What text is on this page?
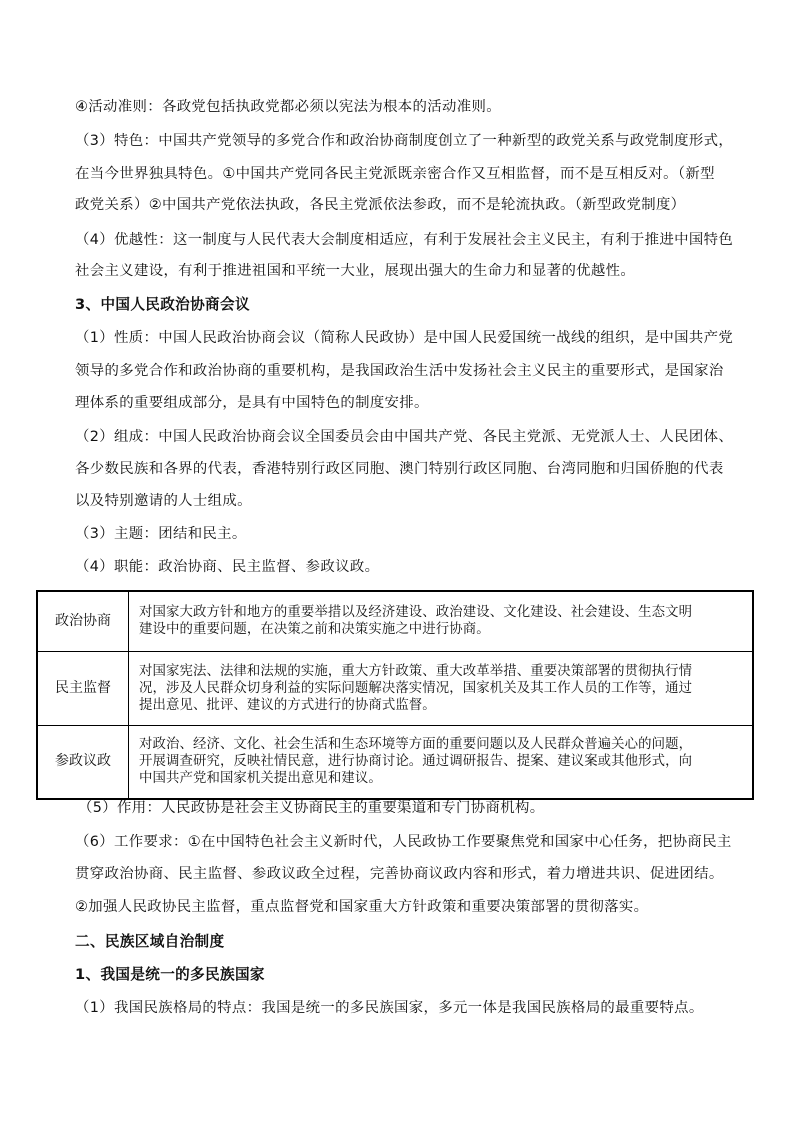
④活动准则：各政党包括执政党都必须以宪法为根本的活动准则。
（3）特色：中国共产党领导的多党合作和政治协商制度创立了一种新型的政党关系与政党制度形式，
在当今世界独具特色。①中国共产党同各民主党派既亲密合作又互相监督，而不是互相反对。（新型
政党关系）②中国共产党依法执政，各民主党派依法参政，而不是轮流执政。（新型政党制度）
（4）优越性：这一制度与人民代表大会制度相适应，有利于发展社会主义民主，有利于推进中国特色
社会主义建设，有利于推进祖国和平统一大业，展现出强大的生命力和显著的优越性。
3、中国人民政治协商会议
（1）性质：中国人民政治协商会议（简称人民政协）是中国人民爱国统一战线的组织，是中国共产党
领导的多党合作和政治协商的重要机构，是我国政治生活中发扬社会主义民主的重要形式，是国家治
理体系的重要组成部分，是具有中国特色的制度安排。
（2）组成：中国人民政治协商会议全国委员会由中国共产党、各民主党派、无党派人士、人民团体、
各少数民族和各界的代表，香港特别行政区同胞、澳门特别行政区同胞、台湾同胞和归国侨胞的代表
以及特别邀请的人士组成。
（3）主题：团结和民主。
（4）职能：政治协商、民主监督、参政议政。
政治协商	对国家大政方针和地方的重要举措以及经济建设、政治建设、文化建设、社会建设、生态文明
建设中的重要问题，在决策之前和决策实施之中进行协商。

民主监督	对国家宪法、法律和法规的实施，重大方针政策、重大改革举措、重要决策部署的贯彻执行情
况，涉及人民群众切身利益的实际问题解决落实情况，国家机关及其工作人员的工作等，通过
提出意见、批评、建议的方式进行的协商式监督。

参政议政	对政治、经济、文化、社会生活和生态环境等方面的重要问题以及人民群众普遍关心的问题，
开展调查研究，反映社情民意，进行协商讨论。通过调研报告、提案、建议案或其他形式，向
中国共产党和国家机关提出意见和建议。
（5）作用：人民政协是社会主义协商民主的重要渠道和专门协商机构。
（6）工作要求：①在中国特色社会主义新时代，人民政协工作要聚焦党和国家中心任务，把协商民主
贯穿政治协商、民主监督、参政议政全过程，完善协商议政内容和形式，着力增进共识、促进团结。
②加强人民政协民主监督，重点监督党和国家重大方针政策和重要决策部署的贯彻落实。
二、民族区域自治制度
1、我国是统一的多民族国家
（1）我国民族格局的特点：我国是统一的多民族国家，多元一体是我国民族格局的最重要特点。
